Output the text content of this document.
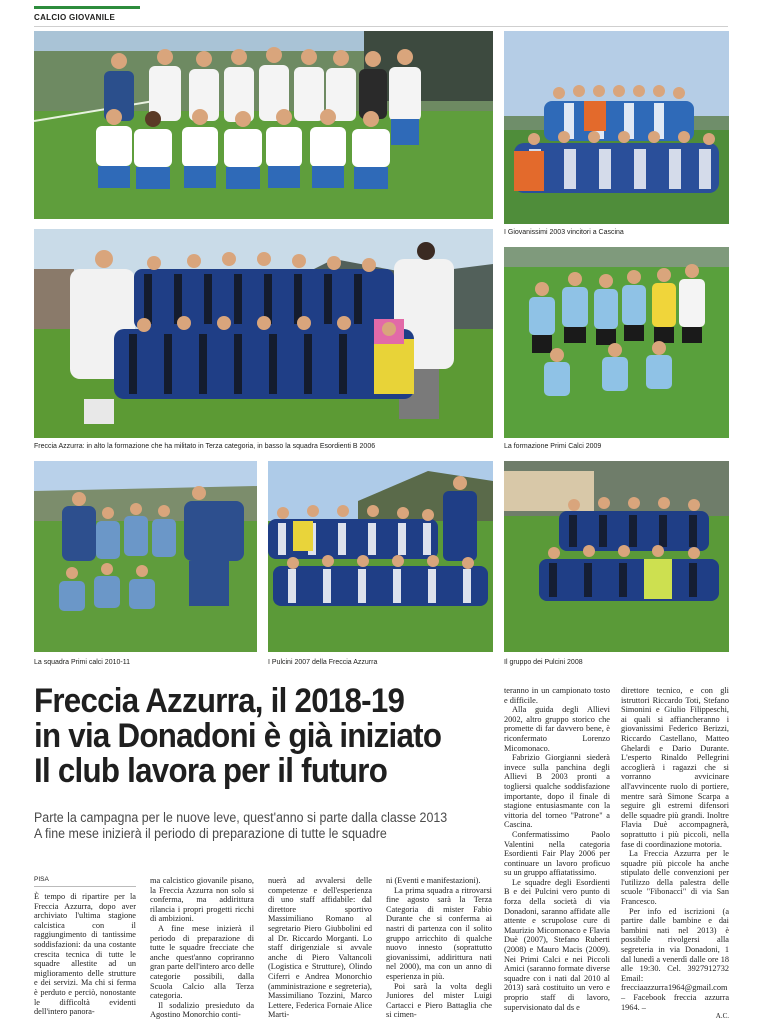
CALCIO GIOVANILE
I Giovanissimi 2003 vincitori a Cascina
Freccia Azzurra: in alto la formazione che ha militato in Terza categoria, in basso la squadra Esordienti B 2006	La formazione Primi Calci 2009
La squadra Primi calci 2010-11	I Pulcini 2007 della Freccia Azzurra	Il gruppo dei Pulcini 2008
Freccia Azzurra, il 2018-19
in via Donadoni è già iniziato
Il club lavora per il futuro
Parte la campagna per le nuove leve, quest'anno si parte dalla classe 2013
A fine mese inizierà il periodo di preparazione di tutte le squadre
PISA

È tempo di ripartire per la Freccia Azzurra, dopo aver archiviato l'ultima stagione calcistica con il raggiungimento di tantissime soddisfazioni: da una costante crescita tecnica di tutte le squadre allestite ad un miglioramento delle strutture e dei servizi. Ma chi si ferma è perduto e perciò, nonostante le difficoltà evidenti dell'intero panora-

ma calcistico giovanile pisano, la Freccia Azzurra non solo si conferma, ma addirittura rilancia i propri progetti ricchi di ambizioni.

A fine mese inizierà il periodo di preparazione di tutte le squadre frecciate che anche quest'anno copriranno gran parte dell'intero arco delle categorie possibili, dalla Scuola Calcio alla Terza categoria.

Il sodalizio presieduto da Agostino Monorchio conti-

nuerà ad avvalersi delle competenze e dell'esperienza di uno staff affidabile: dal direttore sportivo Massimiliano Romano al segretario Piero Giubbolini ed al Dr. Riccardo Morganti. Lo staff dirigenziale si avvale anche di Piero Valtancoli (Logistica e Strutture), Olindo Ciferri e Andrea Monorchio (amministrazione e segreteria), Massimiliano Tozzini, Marco Lettere, Federica Fornaie Alice Marti-

ni (Eventi e manifestazioni).

La prima squadra a ritrovarsi fine agosto sarà la Terza Categoria di mister Fabio Durante che si conferma ai nastri di partenza con il solito gruppo arricchito di qualche nuovo innesto (soprattutto giovanissimi, addirittura nati nel 2000), ma con un anno di esperienza in più.

Poi sarà la volta degli Juniores del mister Luigi Cartacci e Piero Battaglia che si cimen-

teranno in un campionato tosto e difficile.

Alla guida degli Allievi 2002, altro gruppo storico che promette di far davvero bene, è riconfermato Lorenzo Micomonaco.

Fabrizio Giorgianni siederà invece sulla panchina degli Allievi B 2003 pronti a togliersi qualche soddisfazione importante, dopo il finale di stagione entusiasmante con la vittoria del torneo "Patrone" a Cascina.

Confermatissimo Paolo Valentini nella categoria Esordienti Fair Play 2006 per continuare un lavoro proficuo su un gruppo affiatatissimo.

Le squadre degli Esordienti B e dei Pulcini vero punto di forza della società di via Donadoni, saranno affidate alle attente e scrupolose cure di Maurizio Micomonaco e Flavia Duè (2007), Stefano Ruberti (2008) e Mauro Macis (2009). Nei Primi Calci e nei Piccoli Amici (saranno formate diverse squadre con i nati dal 2010 al 2013) sarà costituito un vero e proprio staff di lavoro, supervisionato dal ds e

direttore tecnico, e con gli istruttori Riccardo Toti, Stefano Simonini e Giulio Filippeschi, ai quali si affiancheranno i giovanissimi Federico Berizzi, Riccardo Castellano, Matteo Ghelardi e Dario Durante. L'esperto Rinaldo Pellegrini accoglierà i ragazzi che si vorranno avvicinare all'avvincente ruolo di portiere, mentre sarà Simone Scarpa a seguire gli estremi difensori delle squadre più grandi. Inoltre Flavia Duè accompagnerà, soprattutto i più piccoli, nella fase di coordinazione motoria.

La Freccia Azzurra per le squadre più piccole ha anche stipulato delle convenzioni per l'utilizzo della palestra delle scuole "Fibonacci" di via San Francesco.

Per info ed iscrizioni (a partire dalle bambine e dai bambini nati nel 2013) è possibile rivolgersi alla segreteria in via Donadoni, 1 dal lunedì a venerdì dalle ore 18 alle 19:30. Cel. 3927912732 Email: frecciaazzurra1964@gmail.com – Facebook freccia azzurra 1964. –

A.C.
